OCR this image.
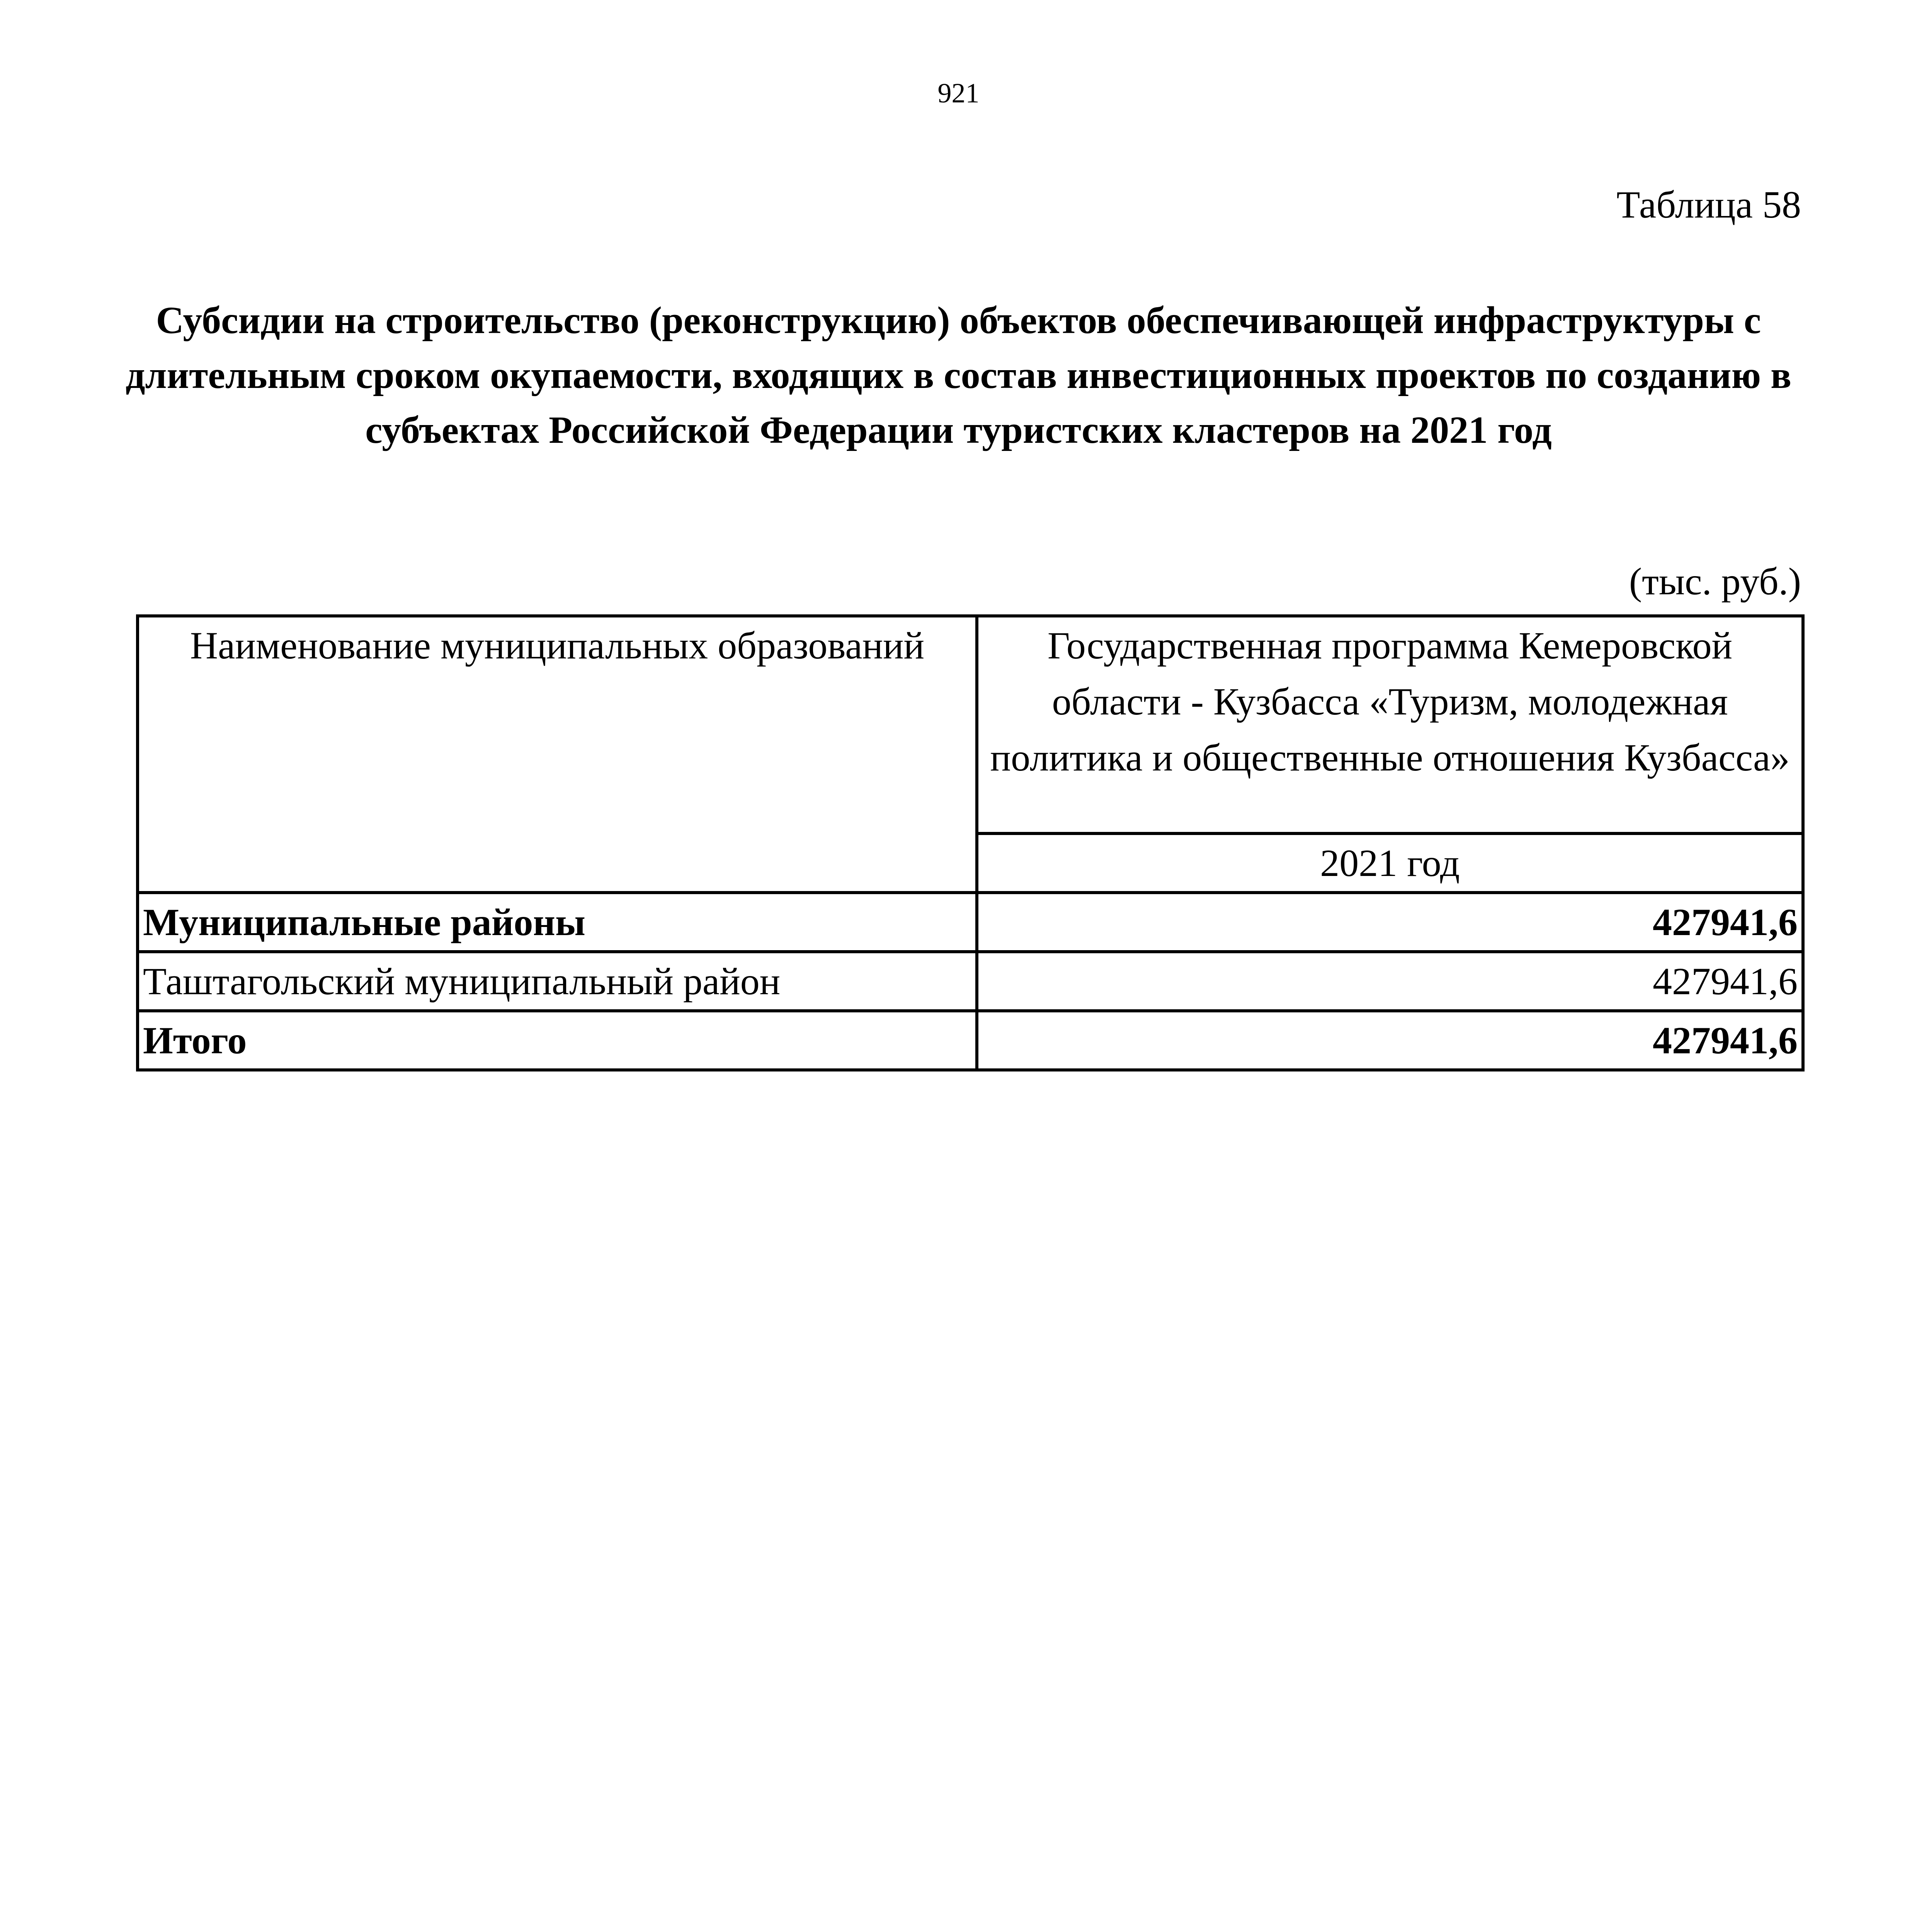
921
Таблица 58
Субсидии на строительство (реконструкцию) объектов обеспечивающей инфраструктуры с длительным сроком окупаемости, входящих в состав инвестиционных проектов по созданию в субъектах Российской Федерации туристских кластеров на 2021 год
(тыс. руб.)
Наименование муниципальных образований	Государственная программа Кемеровской области - Кузбасса «Туризм, молодежная политика и общественные отношения Кузбасса»
	2021 год
Муниципальные районы	427941,6
Таштагольский муниципальный район	427941,6
Итого	427941,6
